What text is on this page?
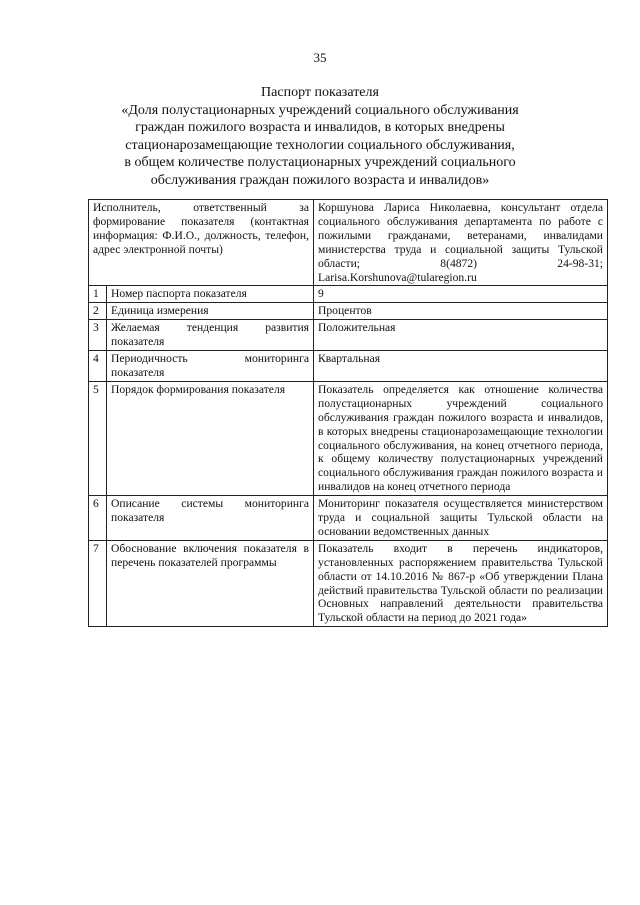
35
Паспорт показателя
«Доля полустационарных учреждений социального обслуживания
граждан пожилого возраста и инвалидов, в которых внедрены
стационарозамещающие технологии социального обслуживания,
в общем количестве полустационарных учреждений социального
обслуживания граждан пожилого возраста и инвалидов»
Исполнитель, ответственный за формирование показателя (контактная информация: Ф.И.О., должность, телефон, адрес электронной почты)		Коршунова Лариса Николаевна, консультант отдела социального обслуживания департамента по работе с пожилыми гражданами, ветеранами, инвалидами министерства труда и социальной защиты Тульской области; 8(4872) 24-98-31; Larisa.Korshunova@tularegion.ru
1	Номер паспорта показателя	9
2	Единица измерения	Процентов
3	Желаемая тенденция развития показателя	Положительная
4	Периодичность мониторинга показателя	Квартальная
5	Порядок формирования показателя	Показатель определяется как отношение количества полустационарных учреждений социального обслуживания граждан пожилого возраста и инвалидов, в которых внедрены стационарозамещающие технологии социального обслуживания, на конец отчетного периода, к общему количеству полустационарных учреждений социального обслуживания граждан пожилого возраста и инвалидов на конец отчетного периода
6	Описание системы мониторинга показателя	Мониторинг показателя осуществляется министерством труда и социальной защиты Тульской области на основании ведомственных данных
7	Обоснование включения показателя в перечень показателей программы	Показатель входит в перечень индикаторов, установленных распоряжением правительства Тульской области от 14.10.2016 № 867-р «Об утверждении Плана действий правительства Тульской области по реализации Основных направлений деятельности правительства Тульской области на период до 2021 года»
